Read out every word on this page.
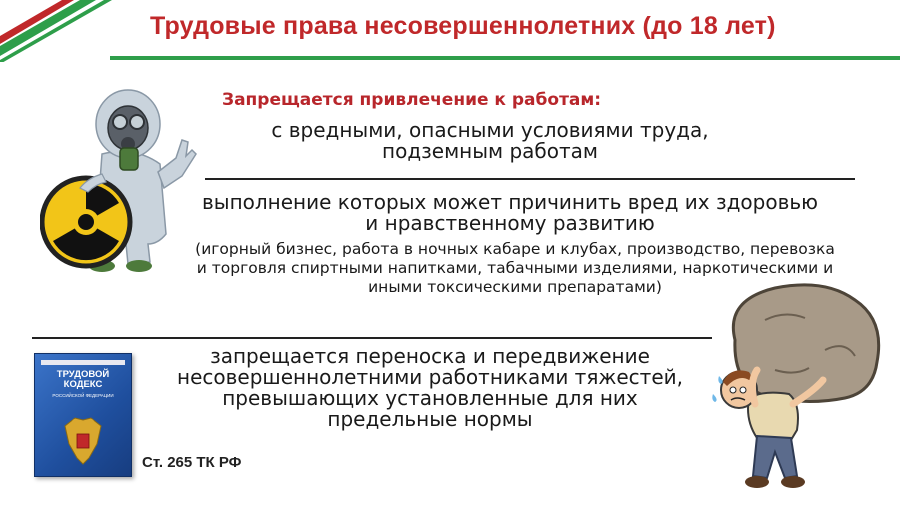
Трудовые права несовершеннолетних (до 18 лет)
Запрещается привлечение к работам:
с вредными, опасными условиями труда, подземным работам
выполнение которых может причинить вред их здоровью и нравственному развитию
(игорный бизнес, работа в ночных кабаре и клубах, производство, перевозка и торговля спиртными напитками, табачными изделиями, наркотическими и иными токсическими препаратами)
запрещается переноска и передвижение несовершеннолетними работниками тяжестей, превышающих установленные для них предельные нормы
ТРУДОВОЙ КОДЕКС
РОССИЙСКОЙ ФЕДЕРАЦИИ
Ст. 265 ТК РФ
